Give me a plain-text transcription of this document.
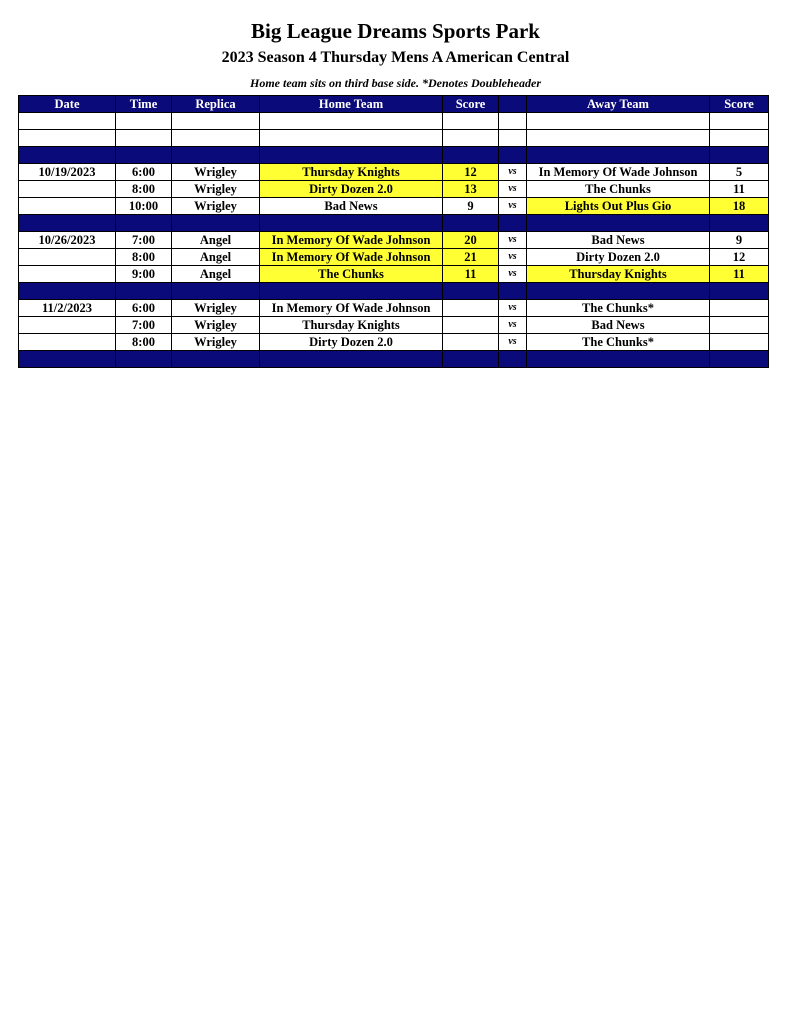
Big League Dreams Sports Park
2023 Season 4 Thursday Mens A American Central

Home team sits on third base side. *Denotes Doubleheader

Date	Time	Replica	Home Team	Score		Away Team	Score

10/19/2023	6:00	Wrigley	Thursday Knights	12	vs	In Memory Of Wade Johnson	5
	8:00	Wrigley	Dirty Dozen 2.0	13	vs	The Chunks	11
	10:00	Wrigley	Bad News	9	vs	Lights Out Plus Gio	18

10/26/2023	7:00	Angel	In Memory Of Wade Johnson	20	vs	Bad News	9
	8:00	Angel	In Memory Of Wade Johnson	21	vs	Dirty Dozen 2.0	12
	9:00	Angel	The Chunks	11	vs	Thursday Knights	11

11/2/2023	6:00	Wrigley	In Memory Of Wade Johnson		vs	The Chunks*	
	7:00	Wrigley	Thursday Knights		vs	Bad News	
	8:00	Wrigley	Dirty Dozen 2.0		vs	The Chunks*	
